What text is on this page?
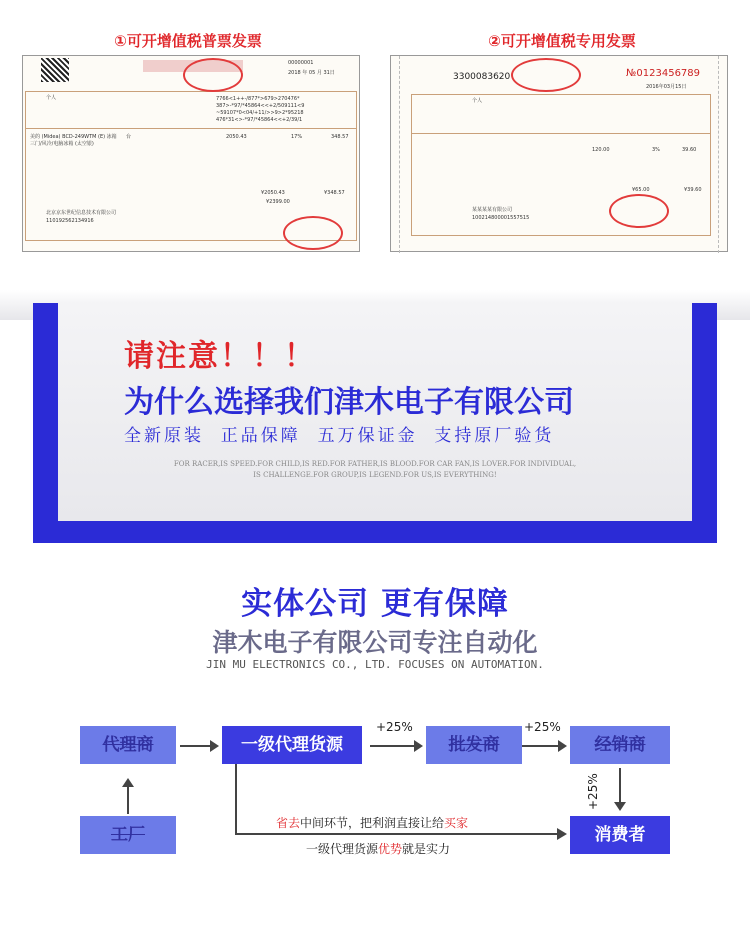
①可开增值税普票发票	②可开增值税专用发票
00000001
2018 年 05 月 31日
个人	7766<1++-/877*>679>270476*
387>-*97/*45864<<+2/509111<9
~59107*0<04/+11/>>9>2*95218
476*31<>-*97/*45864<<+2/39/1
美的 (Midea) BCD-249WTM (E) 冰箱三门/风冷/电脑冰箱 (太空银)
台	2050.43	17%	348.57
¥2050.43	¥348.57
¥2399.00
北京京东世纪信息技术有限公司
110192562134916
3300083620	№0123456789
2016年03月15日
个人
120.00	3%	39.60
¥65.00	¥39.60
某某某某有限公司
100214800001557515
请注意！！！
为什么选择我们津木电子有限公司
全新原装  正品保障  五万保证金  支持原厂验货
FOR RACER,IS SPEED.FOR CHILD,IS RED.FOR FATHER,IS BLOOD.FOR CAR FAN,IS LOVER.FOR INDIVIDUAL,
IS CHALLENGE.FOR GROUP,IS LEGEND.FOR US,IS EVERYTHING!
实体公司 更有保障
津木电子有限公司专注自动化
JIN MU ELECTRONICS CO., LTD. FOCUSES ON AUTOMATION.
代理商	一级代理货源
+25%
批发商
+25%
经销商
+25%
工厂	消费者
省去中间环节，把利润直接让给买家
一级代理货源优势就是实力
